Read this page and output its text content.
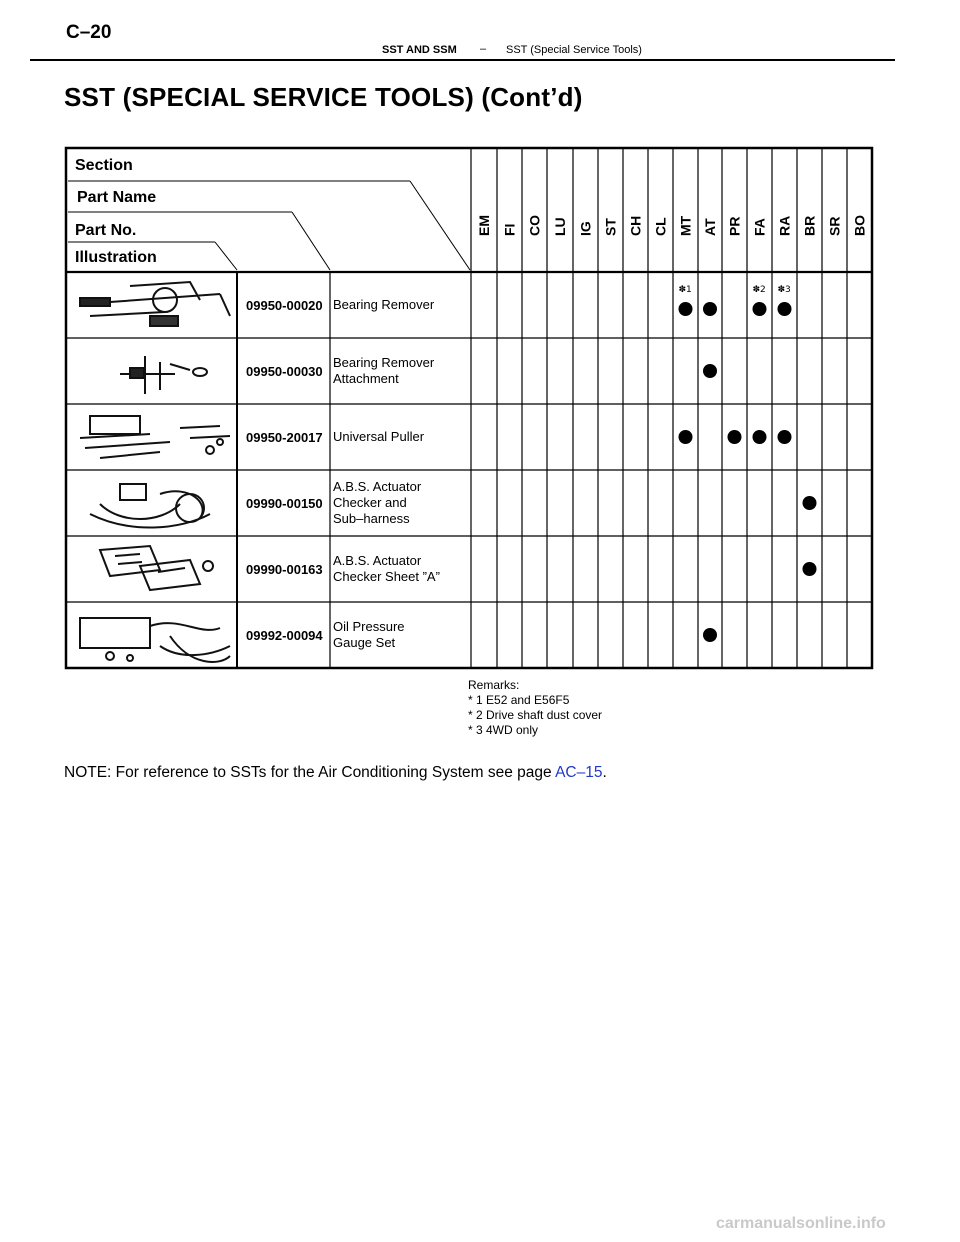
C–20
SST AND SSM – SST (Special Service Tools)
SST (SPECIAL SERVICE TOOLS) (Cont’d)
Section
Part Name
Part No.
Illustration
EM FI CO LU IG ST CH CL MT AT PR FA RA BR SR BO
09950-00020 Bearing Remover
09950-00030
Bearing Remover
Attachment
09950-20017 Universal Puller
09990-00150
A.B.S. Actuator
Checker and
Sub–harness
09990-00163
A.B.S. Actuator
Checker Sheet ”A”
09992-00094
Oil Pressure
Gauge Set
✽1	✽2 ✽3
Remarks:
* 1 E52 and E56F5
* 2 Drive shaft dust cover
* 3 4WD only
NOTE: For reference to SSTs for the Air Conditioning System see page AC–15.
carmanualsonline.info
